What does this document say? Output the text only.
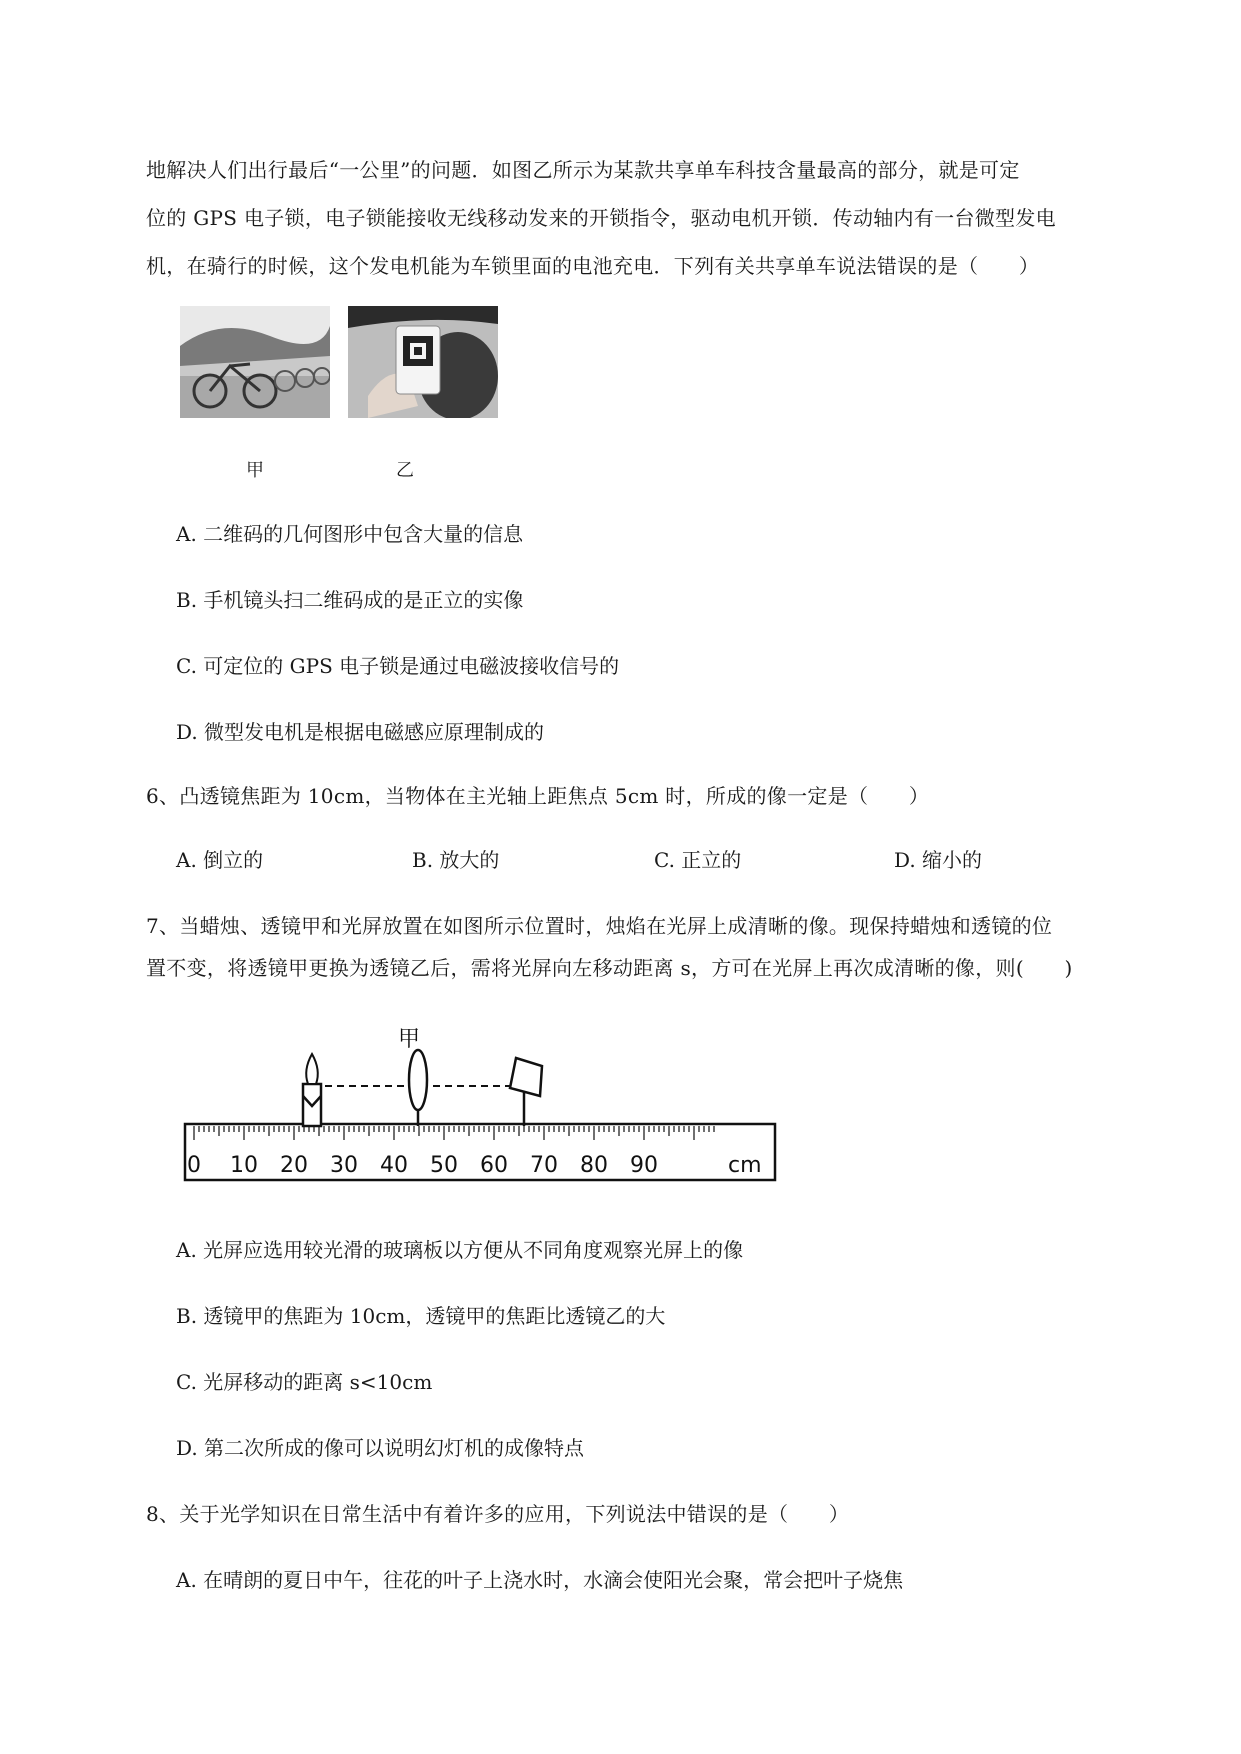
地解决人们出行最后“一公里”的问题．如图乙所示为某款共享单车科技含量最高的部分，就是可定
位的 GPS 电子锁，电子锁能接收无线移动发来的开锁指令，驱动电机开锁．传动轴内有一台微型发电
机，在骑行的时候，这个发电机能为车锁里面的电池充电．下列有关共享单车说法错误的是（　　）
甲	乙
A. 二维码的几何图形中包含大量的信息
B. 手机镜头扫二维码成的是正立的实像
C. 可定位的 GPS 电子锁是通过电磁波接收信号的
D. 微型发电机是根据电磁感应原理制成的
6、凸透镜焦距为 10cm，当物体在主光轴上距焦点 5cm 时，所成的像一定是（　　）
A. 倒立的	B. 放大的	C. 正立的	D. 缩小的
7、当蜡烛、透镜甲和光屏放置在如图所示位置时，烛焰在光屏上成清晰的像。现保持蜡烛和透镜的位
置不变，将透镜甲更换为透镜乙后，需将光屏向左移动距离 s，方可在光屏上再次成清晰的像，则(　　)
0 10 20 30 40 50 60 70 80 90	cm
甲
A. 光屏应选用较光滑的玻璃板以方便从不同角度观察光屏上的像
B. 透镜甲的焦距为 10cm，透镜甲的焦距比透镜乙的大
C. 光屏移动的距离 s<10cm
D. 第二次所成的像可以说明幻灯机的成像特点
8、关于光学知识在日常生活中有着许多的应用，下列说法中错误的是（　　）
A. 在晴朗的夏日中午，往花的叶子上浇水时，水滴会使阳光会聚，常会把叶子烧焦
